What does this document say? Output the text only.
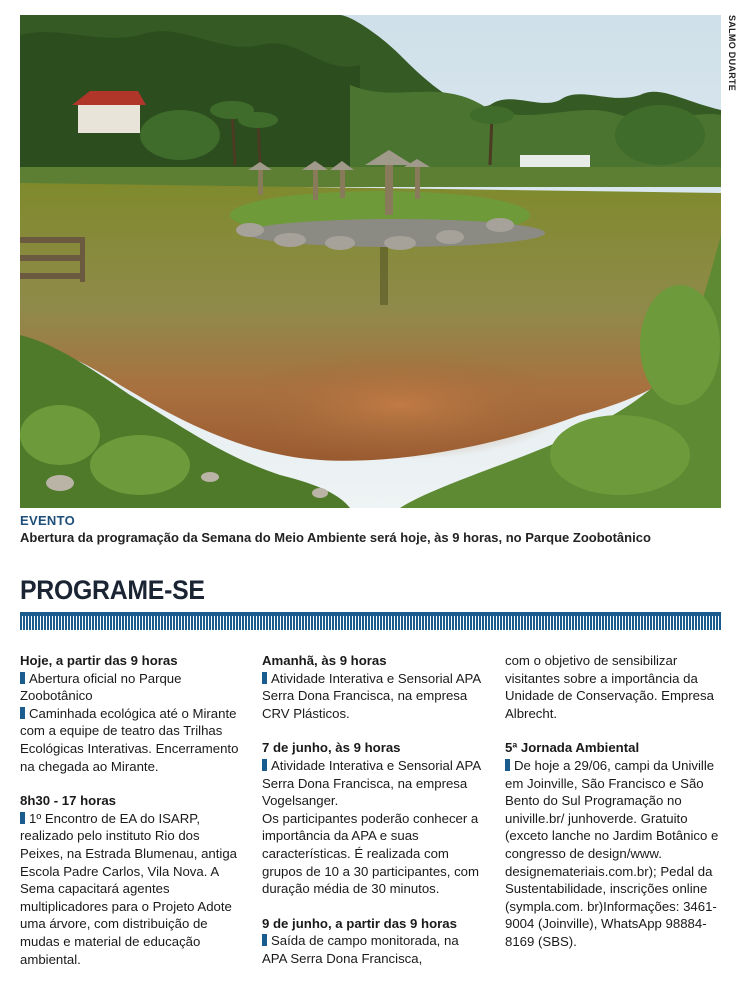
SALMO DUARTE
EVENTO
Abertura da programação da Semana do Meio Ambiente será hoje, às 9 horas, no Parque Zoobotânico
PROGRAME-SE
Hoje, a partir das 9 horas
Abertura oficial no Parque Zoobotânico
Caminhada ecológica até o Mirante com a equipe de teatro das Trilhas Ecológicas Interativas. Encerramento na chegada ao Mirante.
8h30 - 17 horas
1º Encontro de EA do ISARP, realizado pelo instituto Rio dos Peixes, na Estrada Blumenau, antiga Escola Padre Carlos, Vila Nova. A Sema capacitará agentes multiplicadores para o Projeto Adote uma árvore, com distribuição de mudas e material de educação ambiental.
Amanhã, às 9 horas
Atividade Interativa e Sensorial APA Serra Dona Francisca, na empresa CRV Plásticos.
7 de junho, às 9 horas
Atividade Interativa e Sensorial APA Serra Dona Francisca, na empresa Vogelsanger.
Os participantes poderão conhecer a importância da APA e suas características. É realizada com grupos de 10 a 30 participantes, com duração média de 30 minutos.
9 de junho, a partir das 9 horas
Saída de campo monitorada, na APA Serra Dona Francisca,
com o objetivo de sensibilizar visitantes sobre a importância da Unidade de Conservação. Empresa Albrecht.
5ª Jornada Ambiental
De hoje a 29/06, campi da Univille em Joinville, São Francisco e São Bento do Sul Programação no univille.br/ junhoverde. Gratuito (exceto lanche no Jardim Botânico e congresso de design/www. designemateriais.com.br); Pedal da Sustentabilidade, inscrições online (sympla.com. br)Informações: 3461-9004 (Joinville), WhatsApp 98884-8169 (SBS).
